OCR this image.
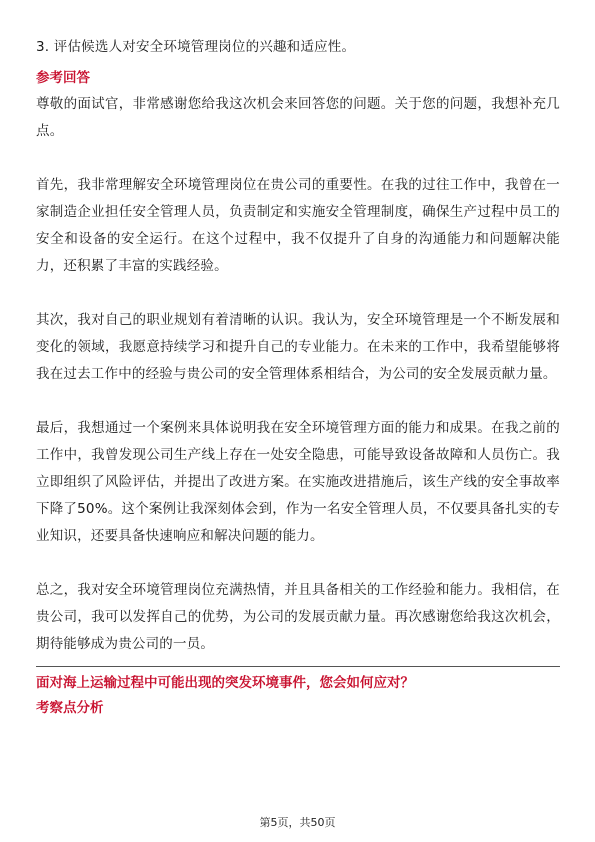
3. 评估候选人对安全环境管理岗位的兴趣和适应性。

参考回答

尊敬的面试官，非常感谢您给我这次机会来回答您的问题。关于您的问题，我想补充几点。

首先，我非常理解安全环境管理岗位在贵公司的重要性。在我的过往工作中，我曾在一家制造企业担任安全管理人员，负责制定和实施安全管理制度，确保生产过程中员工的安全和设备的安全运行。在这个过程中，我不仅提升了自身的沟通能力和问题解决能力，还积累了丰富的实践经验。

其次，我对自己的职业规划有着清晰的认识。我认为，安全环境管理是一个不断发展和变化的领域，我愿意持续学习和提升自己的专业能力。在未来的工作中，我希望能够将我在过去工作中的经验与贵公司的安全管理体系相结合，为公司的安全发展贡献力量。

最后，我想通过一个案例来具体说明我在安全环境管理方面的能力和成果。在我之前的工作中，我曾发现公司生产线上存在一处安全隐患，可能导致设备故障和人员伤亡。我立即组织了风险评估，并提出了改进方案。在实施改进措施后，该生产线的安全事故率下降了50%。这个案例让我深刻体会到，作为一名安全管理人员，不仅要具备扎实的专业知识，还要具备快速响应和解决问题的能力。

总之，我对安全环境管理岗位充满热情，并且具备相关的工作经验和能力。我相信，在贵公司，我可以发挥自己的优势，为公司的发展贡献力量。再次感谢您给我这次机会，期待能够成为贵公司的一员。

面对海上运输过程中可能出现的突发环境事件，您会如何应对？

考察点分析

第5页，共50页
